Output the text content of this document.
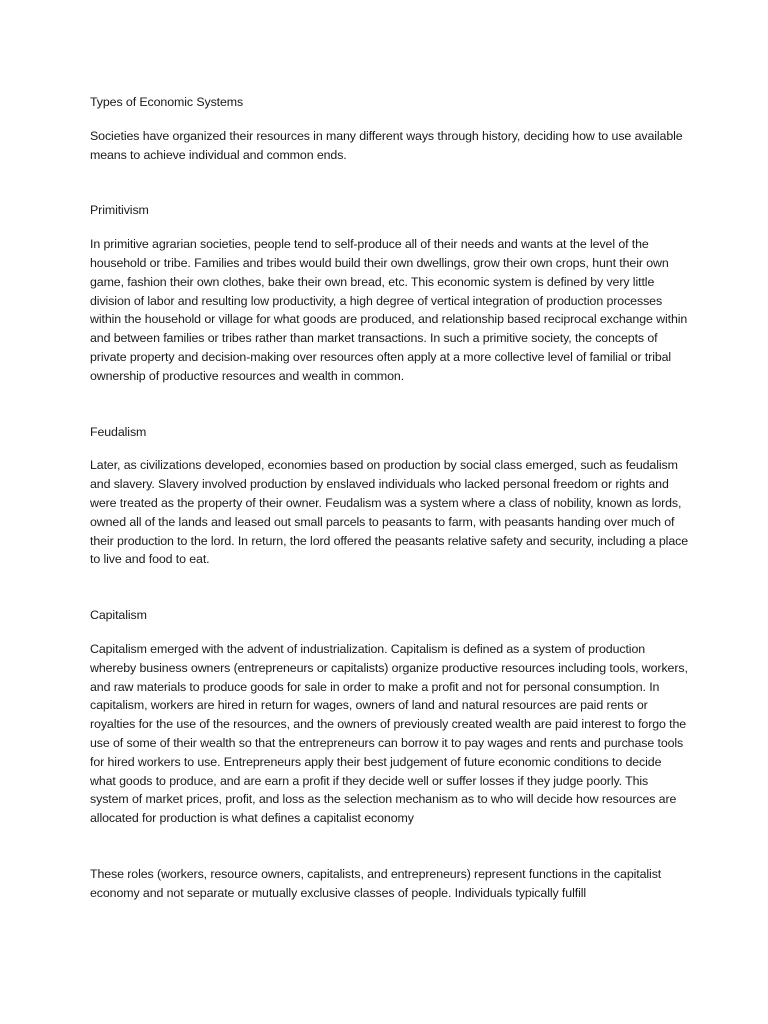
Types of Economic Systems

Societies have organized their resources in many different ways through history, deciding how to use available means to achieve individual and common ends.

Primitivism

In primitive agrarian societies, people tend to self-produce all of their needs and wants at the level of the household or tribe. Families and tribes would build their own dwellings, grow their own crops, hunt their own game, fashion their own clothes, bake their own bread, etc. This economic system is defined by very little division of labor and resulting low productivity, a high degree of vertical integration of production processes within the household or village for what goods are produced, and relationship based reciprocal exchange within and between families or tribes rather than market transactions. In such a primitive society, the concepts of private property and decision-making over resources often apply at a more collective level of familial or tribal ownership of productive resources and wealth in common.

Feudalism

Later, as civilizations developed, economies based on production by social class emerged, such as feudalism and slavery. Slavery involved production by enslaved individuals who lacked personal freedom or rights and were treated as the property of their owner. Feudalism was a system where a class of nobility, known as lords, owned all of the lands and leased out small parcels to peasants to farm, with peasants handing over much of their production to the lord. In return, the lord offered the peasants relative safety and security, including a place to live and food to eat.

Capitalism

Capitalism emerged with the advent of industrialization. Capitalism is defined as a system of production whereby business owners (entrepreneurs or capitalists) organize productive resources including tools, workers, and raw materials to produce goods for sale in order to make a profit and not for personal consumption. In capitalism, workers are hired in return for wages, owners of land and natural resources are paid rents or royalties for the use of the resources, and the owners of previously created wealth are paid interest to forgo the use of some of their wealth so that the entrepreneurs can borrow it to pay wages and rents and purchase tools for hired workers to use. Entrepreneurs apply their best judgement of future economic conditions to decide what goods to produce, and are earn a profit if they decide well or suffer losses if they judge poorly. This system of market prices, profit, and loss as the selection mechanism as to who will decide how resources are allocated for production is what defines a capitalist economy

These roles (workers, resource owners, capitalists, and entrepreneurs) represent functions in the capitalist economy and not separate or mutually exclusive classes of people. Individuals typically fulfill
